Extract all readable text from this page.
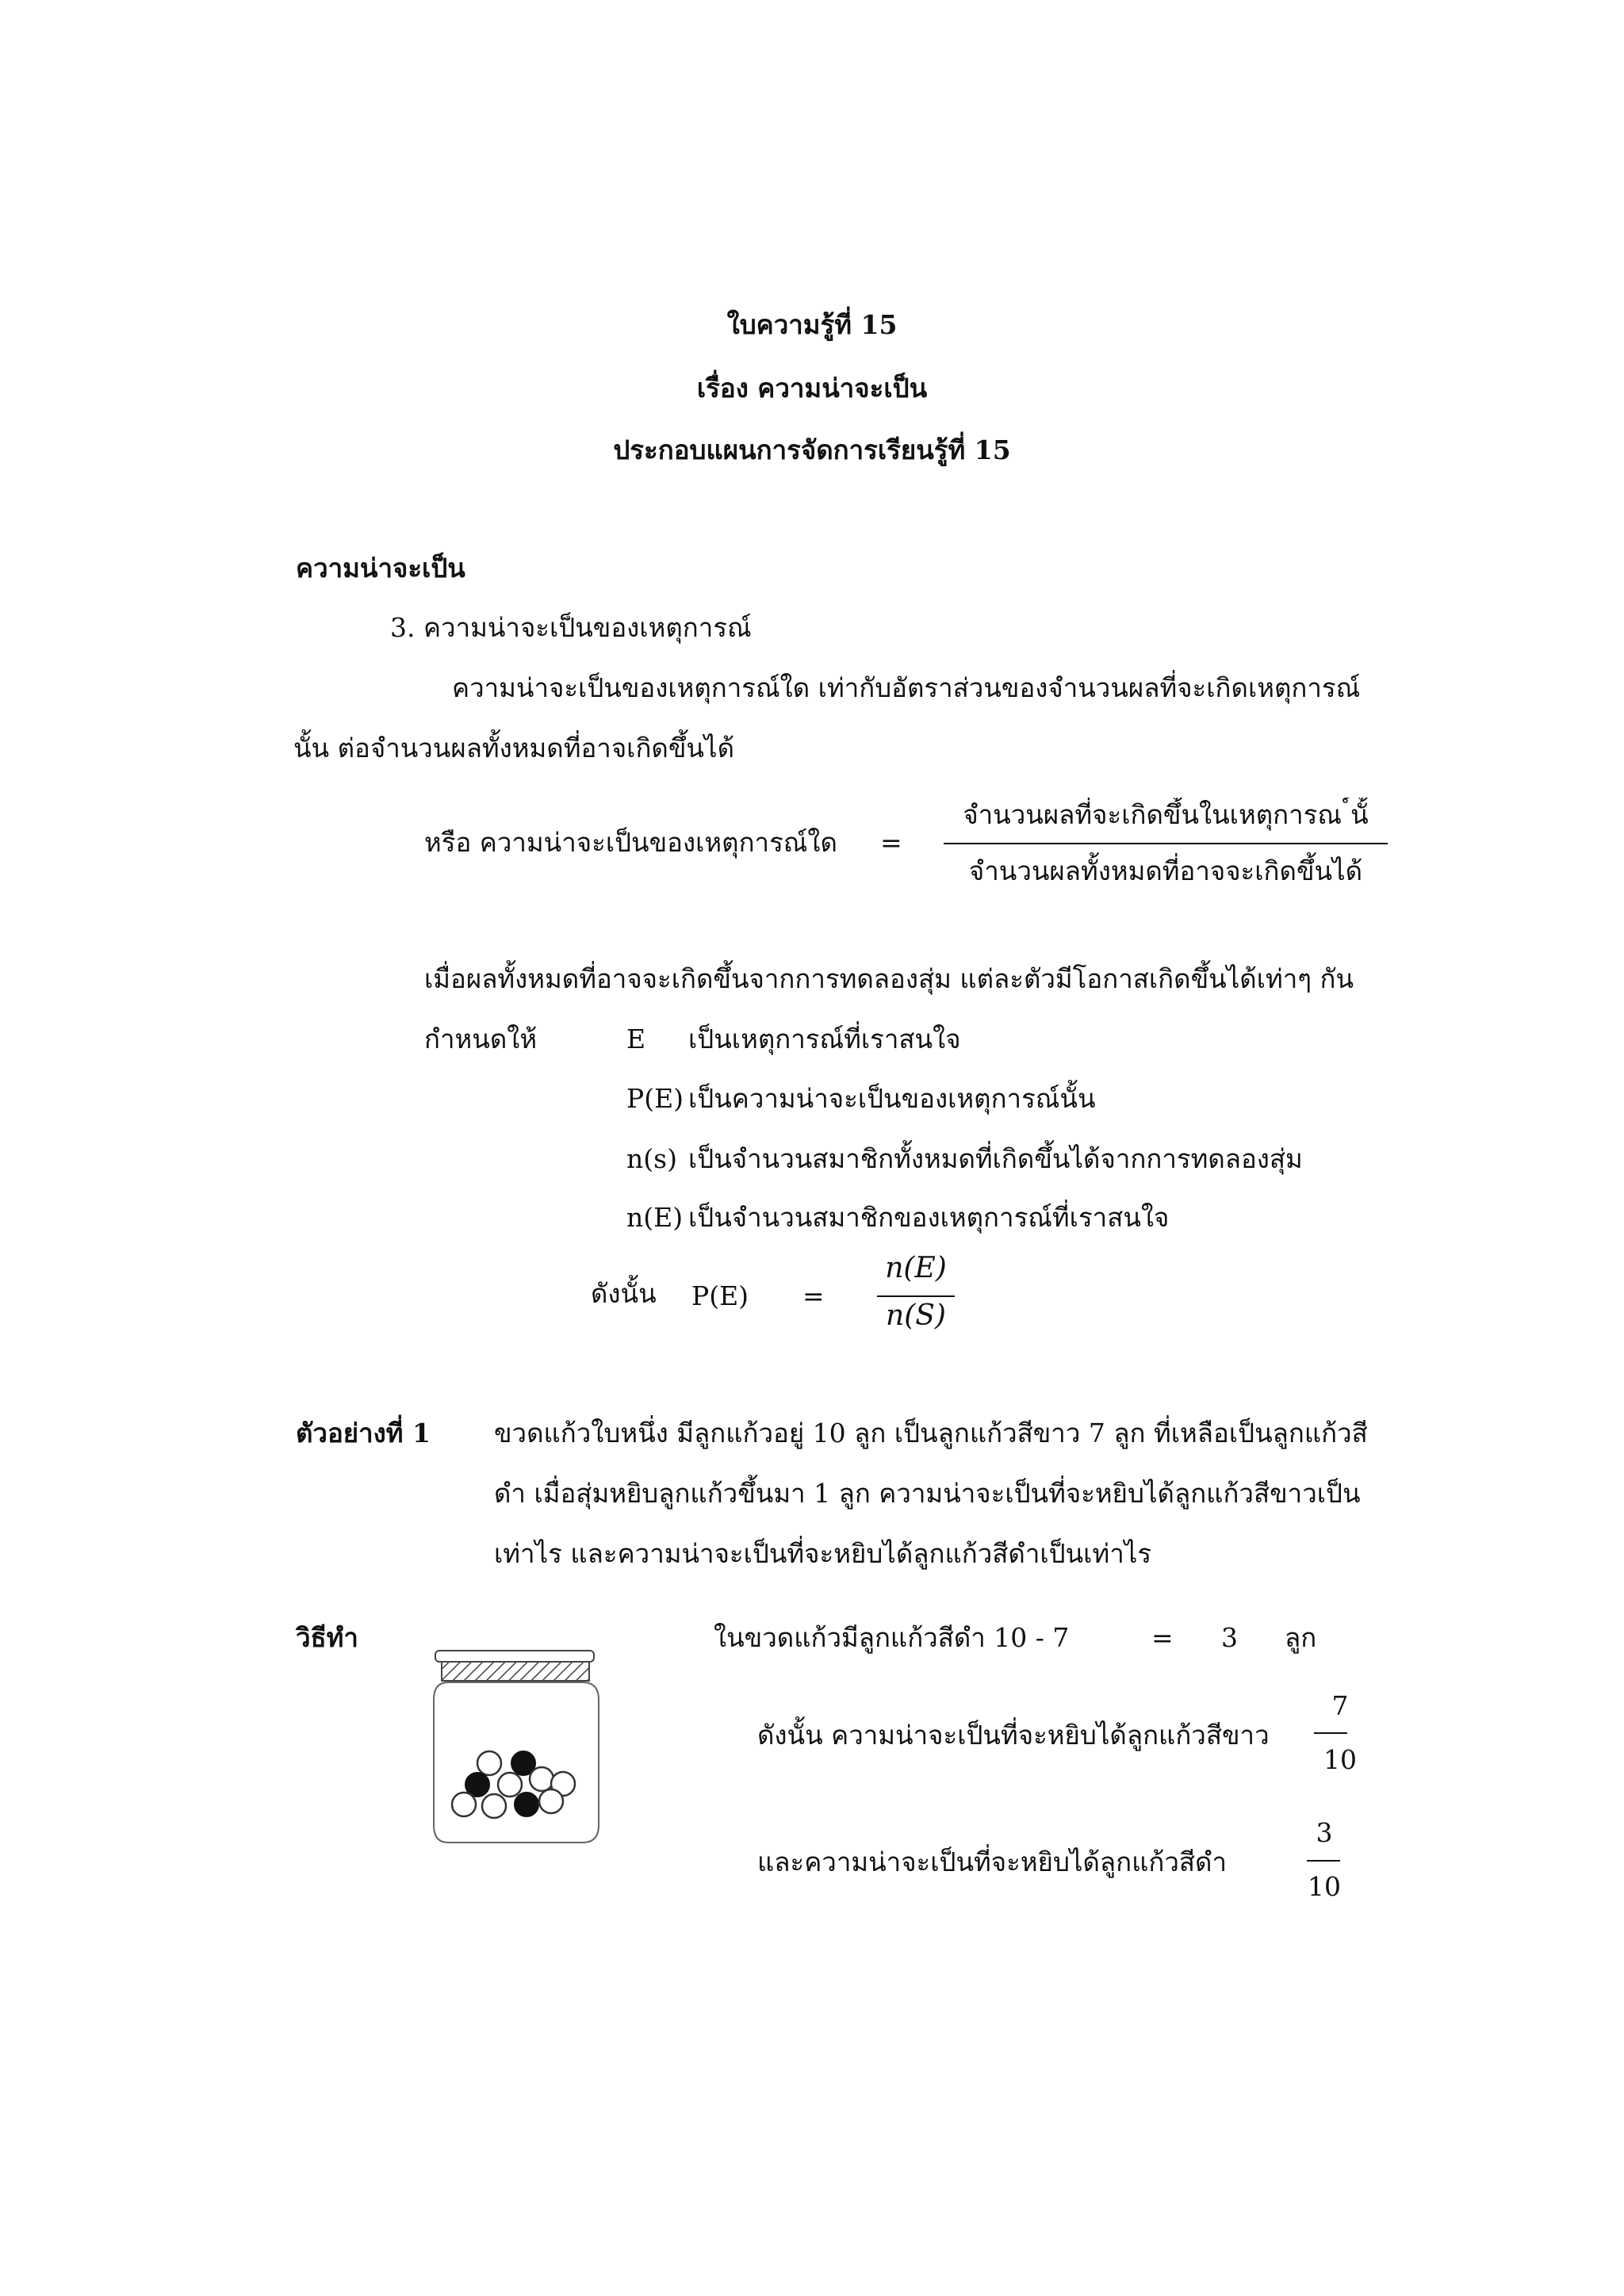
ใบความรู้ที่ 15
เรื่อง ความน่าจะเป็น
ประกอบแผนการจัดการเรียนรู้ที่ 15
ความน่าจะเป็น
3. ความน่าจะเป็นของเหตุการณ์
ความน่าจะเป็นของเหตุการณ์ใด เท่ากับอัตราส่วนของจำนวนผลที่จะเกิดเหตุการณ์
นั้น ต่อจำนวนผลทั้งหมดที่อาจเกิดขึ้นได้
หรือ ความน่าจะเป็นของเหตุการณ์ใด =
จำนวนผลที่จะเกิดขึ้นในเหตุการณ ์นั้
จำนวนผลทั้งหมดที่อาจจะเกิดขึ้นได้
เมื่อผลทั้งหมดที่อาจจะเกิดขึ้นจากการทดลองสุ่ม แต่ละตัวมีโอกาสเกิดขึ้นได้เท่าๆ กัน
กำหนดให้	E เป็นเหตุการณ์ที่เราสนใจ
P(E) เป็นความน่าจะเป็นของเหตุการณ์นั้น
n(s) เป็นจำนวนสมาชิกทั้งหมดที่เกิดขึ้นได้จากการทดลองสุ่ม
n(E) เป็นจำนวนสมาชิกของเหตุการณ์ที่เราสนใจ
ดังนั้น P(E) =
n(E)
n(S)
ตัวอย่างที่ 1 ขวดแก้วใบหนึ่ง มีลูกแก้วอยู่ 10 ลูก เป็นลูกแก้วสีขาว 7 ลูก ที่เหลือเป็นลูกแก้วสี
ดำ เมื่อสุ่มหยิบลูกแก้วขึ้นมา 1 ลูก ความน่าจะเป็นที่จะหยิบได้ลูกแก้วสีขาวเป็น
เท่าไร และความน่าจะเป็นที่จะหยิบได้ลูกแก้วสีดำเป็นเท่าไร
วิธีทำ	ในขวดแก้วมีลูกแก้วสีดำ 10 - 7	= 3 ลูก
ดังนั้น ความน่าจะเป็นที่จะหยิบได้ลูกแก้วสีขาว
7
10
และความน่าจะเป็นที่จะหยิบได้ลูกแก้วสีดำ
3
10
